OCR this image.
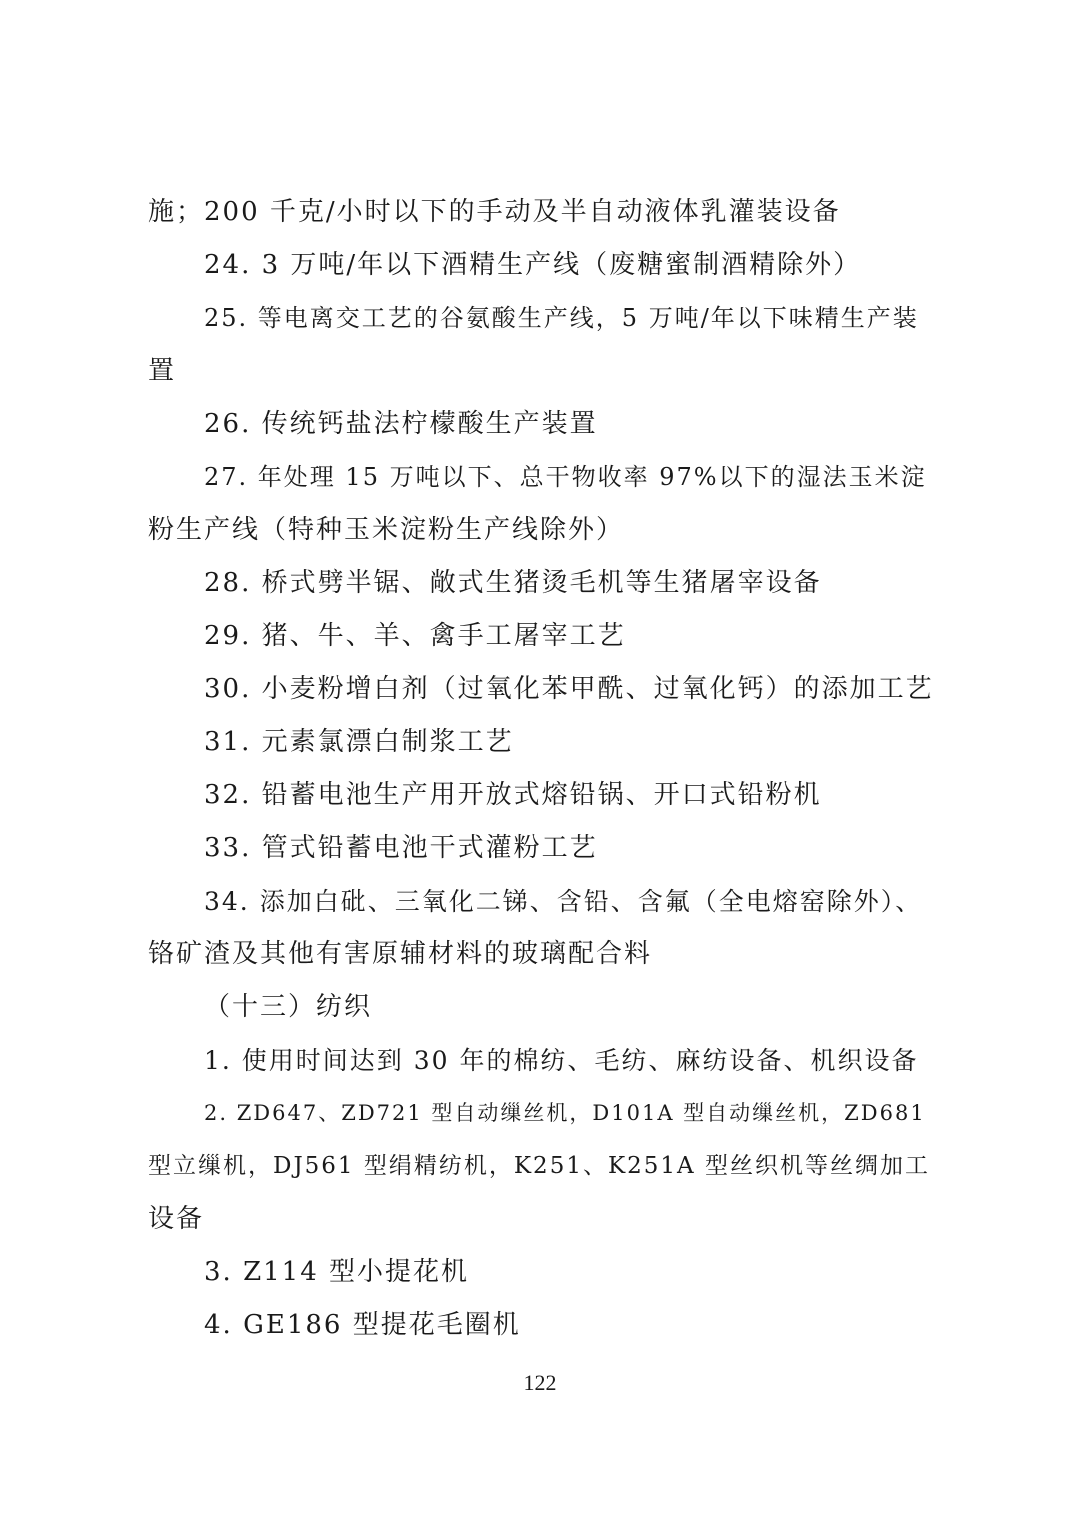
施；200 千克/小时以下的手动及半自动液体乳灌装设备
24. 3 万吨/年以下酒精生产线（废糖蜜制酒精除外）
25. 等电离交工艺的谷氨酸生产线，5 万吨/年以下味精生产装
置
26. 传统钙盐法柠檬酸生产装置
27. 年处理 15 万吨以下、总干物收率 97%以下的湿法玉米淀
粉生产线（特种玉米淀粉生产线除外）
28. 桥式劈半锯、敞式生猪烫毛机等生猪屠宰设备
29. 猪、牛、羊、禽手工屠宰工艺
30. 小麦粉增白剂（过氧化苯甲酰、过氧化钙）的添加工艺
31. 元素氯漂白制浆工艺
32. 铅蓄电池生产用开放式熔铅锅、开口式铅粉机
33. 管式铅蓄电池干式灌粉工艺
34. 添加白砒、三氧化二锑、含铅、含氟（全电熔窑除外）、
铬矿渣及其他有害原辅材料的玻璃配合料
（十三）纺织
1. 使用时间达到 30 年的棉纺、毛纺、麻纺设备、机织设备
2. ZD647、ZD721 型自动缫丝机，D101A 型自动缫丝机，ZD681
型立缫机，DJ561 型绢精纺机，K251、K251A 型丝织机等丝绸加工
设备
3. Z114 型小提花机
4. GE186 型提花毛圈机
122
